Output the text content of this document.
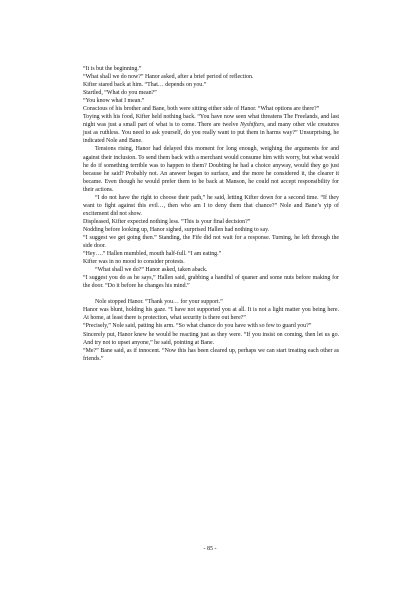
“It is but the beginning.”

“What shall we do now?” Hanor asked, after a brief period of reflection.

Kifter stared back at him. “That… depends on you.”

Startled, “What do you mean?”

“You know what I mean.”

Conscious of his brother and Bane, both were sitting either side of Hanor. “What options are there?”

Toying with his food, Kifter held nothing back. “You have now seen what threatens The Freelands, and last night was just a small part of what is to come. There are twelve Nyshifters, and many other vile creatures just as ruthless. You need to ask yourself, do you really want to put them in harms way?” Unsurprising, he indicated Nole and Bane.

Tensions rising, Hanor had delayed this moment for long enough, weighing the arguments for and against their inclusion. To send them back with a merchant would consume him with worry, but what would he do if something terrible was to happen to them? Doubting he had a choice anyway, would they go just because he said? Probably not. An answer began to surface, and the more he considered it, the clearer it became. Even though he would prefer them to be back at Manson, he could not accept responsibility for their actions.

“I do not have the right to choose their path,” he said, letting Kifter down for a second time. “If they want to fight against this evil…, then who am I to deny them that chance?” Nole and Bane’s yip of excitement did not show.

Displeased, Kifter expected nothing less. “This is your final decision?”

Nodding before looking up, Hanor sighed, surprised Hallen had nothing to say.

“I suggest we get going then.” Standing, the Fife did not wait for a response. Turning, he left through the side door.

“Hey….” Hallen mumbled, mouth half-full. “I am eating.”

Kifter was in no mood to consider protests.

“What shall we do?” Hanor asked, taken aback.

“I suggest you do as he says,” Hallen said, grabbing a handful of quaner and some nuts before making for the door. “Do it before he changes his mind.”

Nole stopped Hanor. “Thank you… for your support.”

Hanor was blunt, holding his gaze. “I have not supported you at all. It is not a light matter you being here. At home, at least there is protection, what security is there out here?”

“Precisely,” Nole said, patting his arm. “So what chance do you have with so few to guard you?”

Sincerely put, Hanor knew he would be reacting just as they were. “If you insist on coming, then let us go. And try not to upset anyone,” he said, pointing at Bane.

“Me?” Bane said, as if innocent. “Now this has been cleared up, perhaps we can start treating each other as friends.”

- 85 -
